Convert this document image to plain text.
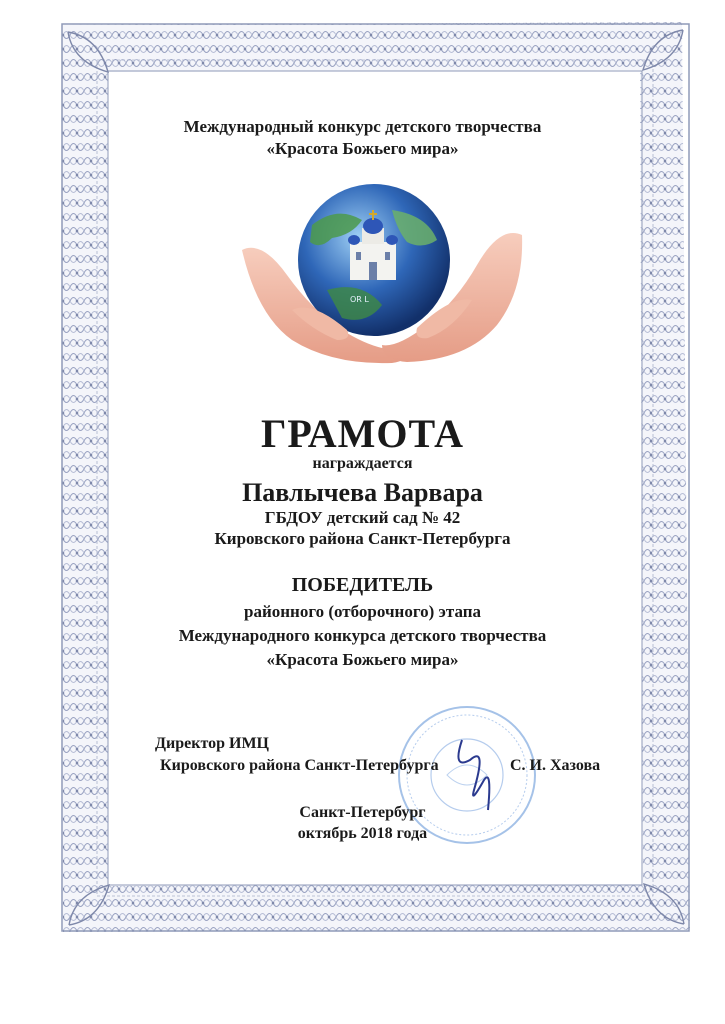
Международный конкурс детского творчества
«Красота Божьего мира»
OR L
ГРАМОТА
награждается
Павлычева Варвара
ГБДОУ детский сад № 42
Кировского района Санкт-Петербурга
ПОБЕДИТЕЛЬ
районного (отборочного) этапа
Международного конкурса детского творчества
«Красота Божьего мира»
Директор ИМЦ
Кировского района Санкт-Петербурга	С. И. Хазова
Санкт-Петербург
октябрь 2018 года
